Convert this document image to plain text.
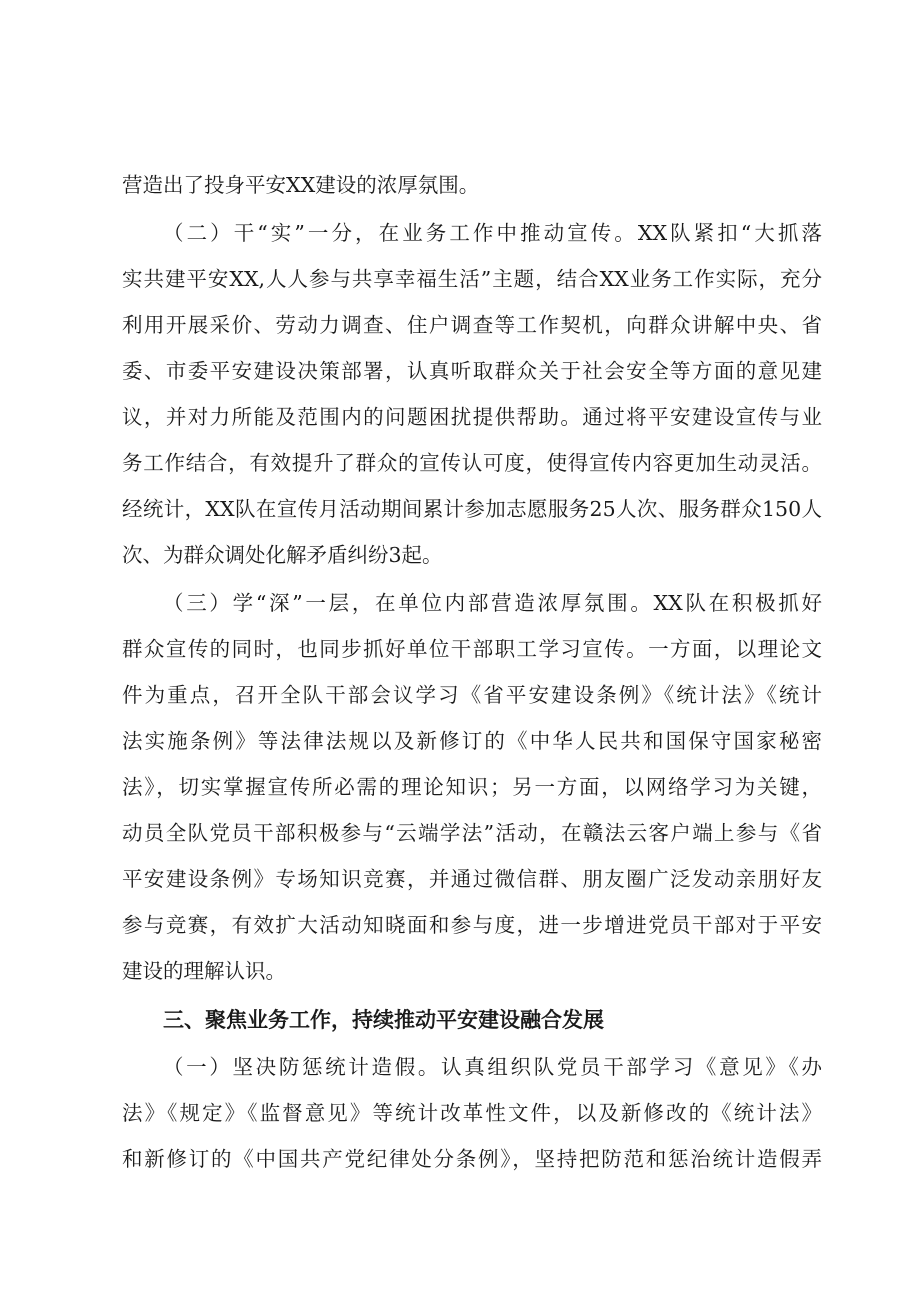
营造出了投身平安XX建设的浓厚氛围。
（二）干“实”一分，在业务工作中推动宣传。XX队紧扣“大抓落
实共建平安XX,人人参与共享幸福生活”主题，结合XX业务工作实际，充分
利用开展采价、劳动力调查、住户调查等工作契机，向群众讲解中央、省
委、市委平安建设决策部署，认真听取群众关于社会安全等方面的意见建
议，并对力所能及范围内的问题困扰提供帮助。通过将平安建设宣传与业
务工作结合，有效提升了群众的宣传认可度，使得宣传内容更加生动灵活。
经统计，XX队在宣传月活动期间累计参加志愿服务25人次、服务群众150人
次、为群众调处化解矛盾纠纷3起。
（三）学“深”一层，在单位内部营造浓厚氛围。XX队在积极抓好
群众宣传的同时，也同步抓好单位干部职工学习宣传。一方面，以理论文
件为重点，召开全队干部会议学习《省平安建设条例》《统计法》《统计
法实施条例》等法律法规以及新修订的《中华人民共和国保守国家秘密
法》，切实掌握宣传所必需的理论知识；另一方面，以网络学习为关键，
动员全队党员干部积极参与“云端学法”活动，在赣法云客户端上参与《省
平安建设条例》专场知识竞赛，并通过微信群、朋友圈广泛发动亲朋好友
参与竞赛，有效扩大活动知晓面和参与度，进一步增进党员干部对于平安
建设的理解认识。
三、聚焦业务工作，持续推动平安建设融合发展
（一）坚决防惩统计造假。认真组织队党员干部学习《意见》《办
法》《规定》《监督意见》等统计改革性文件，以及新修改的《统计法》
和新修订的《中国共产党纪律处分条例》，坚持把防范和惩治统计造假弄
